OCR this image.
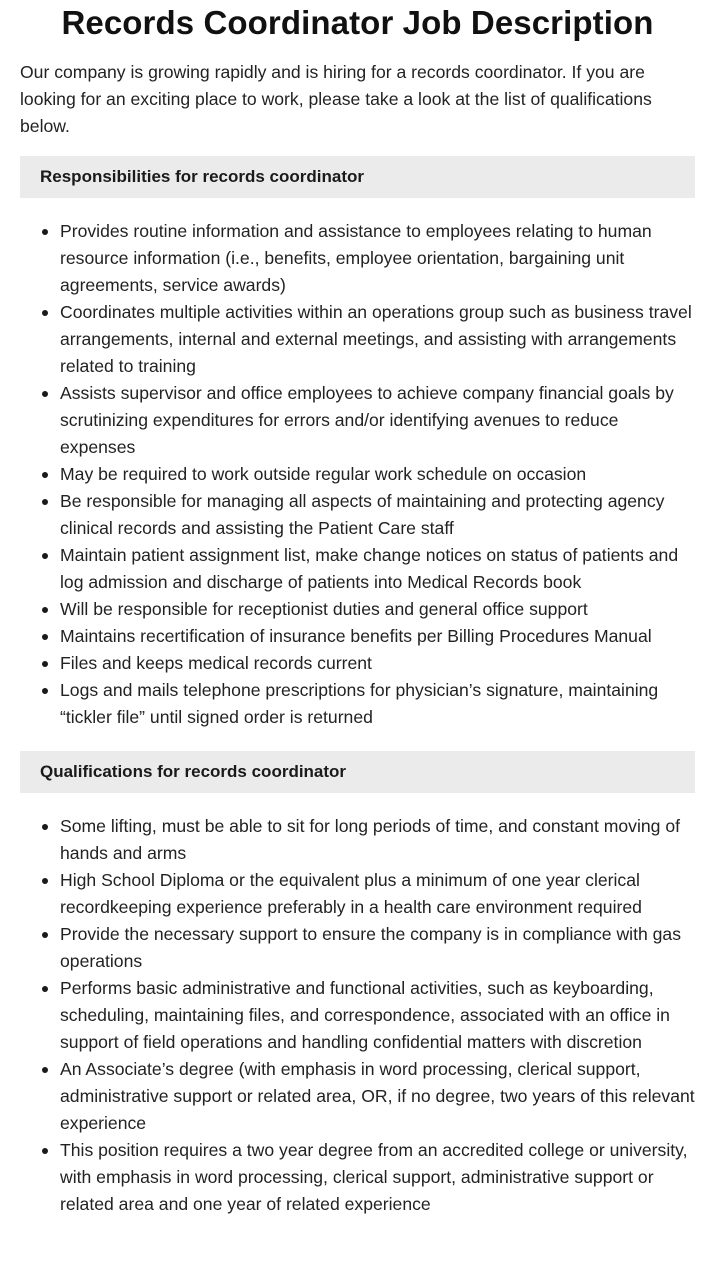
Records Coordinator Job Description

Our company is growing rapidly and is hiring for a records coordinator. If you are looking for an exciting place to work, please take a look at the list of qualifications below.

Responsibilities for records coordinator
Provides routine information and assistance to employees relating to human resource information (i.e., benefits, employee orientation, bargaining unit agreements, service awards)
Coordinates multiple activities within an operations group such as business travel arrangements, internal and external meetings, and assisting with arrangements related to training
Assists supervisor and office employees to achieve company financial goals by scrutinizing expenditures for errors and/or identifying avenues to reduce expenses
May be required to work outside regular work schedule on occasion
Be responsible for managing all aspects of maintaining and protecting agency clinical records and assisting the Patient Care staff
Maintain patient assignment list, make change notices on status of patients and log admission and discharge of patients into Medical Records book
Will be responsible for receptionist duties and general office support
Maintains recertification of insurance benefits per Billing Procedures Manual
Files and keeps medical records current
Logs and mails telephone prescriptions for physician’s signature, maintaining “tickler file” until signed order is returned
Qualifications for records coordinator
Some lifting, must be able to sit for long periods of time, and constant moving of hands and arms
High School Diploma or the equivalent plus a minimum of one year clerical recordkeeping experience preferably in a health care environment required
Provide the necessary support to ensure the company is in compliance with gas operations
Performs basic administrative and functional activities, such as keyboarding, scheduling, maintaining files, and correspondence, associated with an office in support of field operations and handling confidential matters with discretion
An Associate’s degree (with emphasis in word processing, clerical support, administrative support or related area, OR, if no degree, two years of this relevant experience
This position requires a two year degree from an accredited college or university, with emphasis in word processing, clerical support, administrative support or related area and one year of related experience
